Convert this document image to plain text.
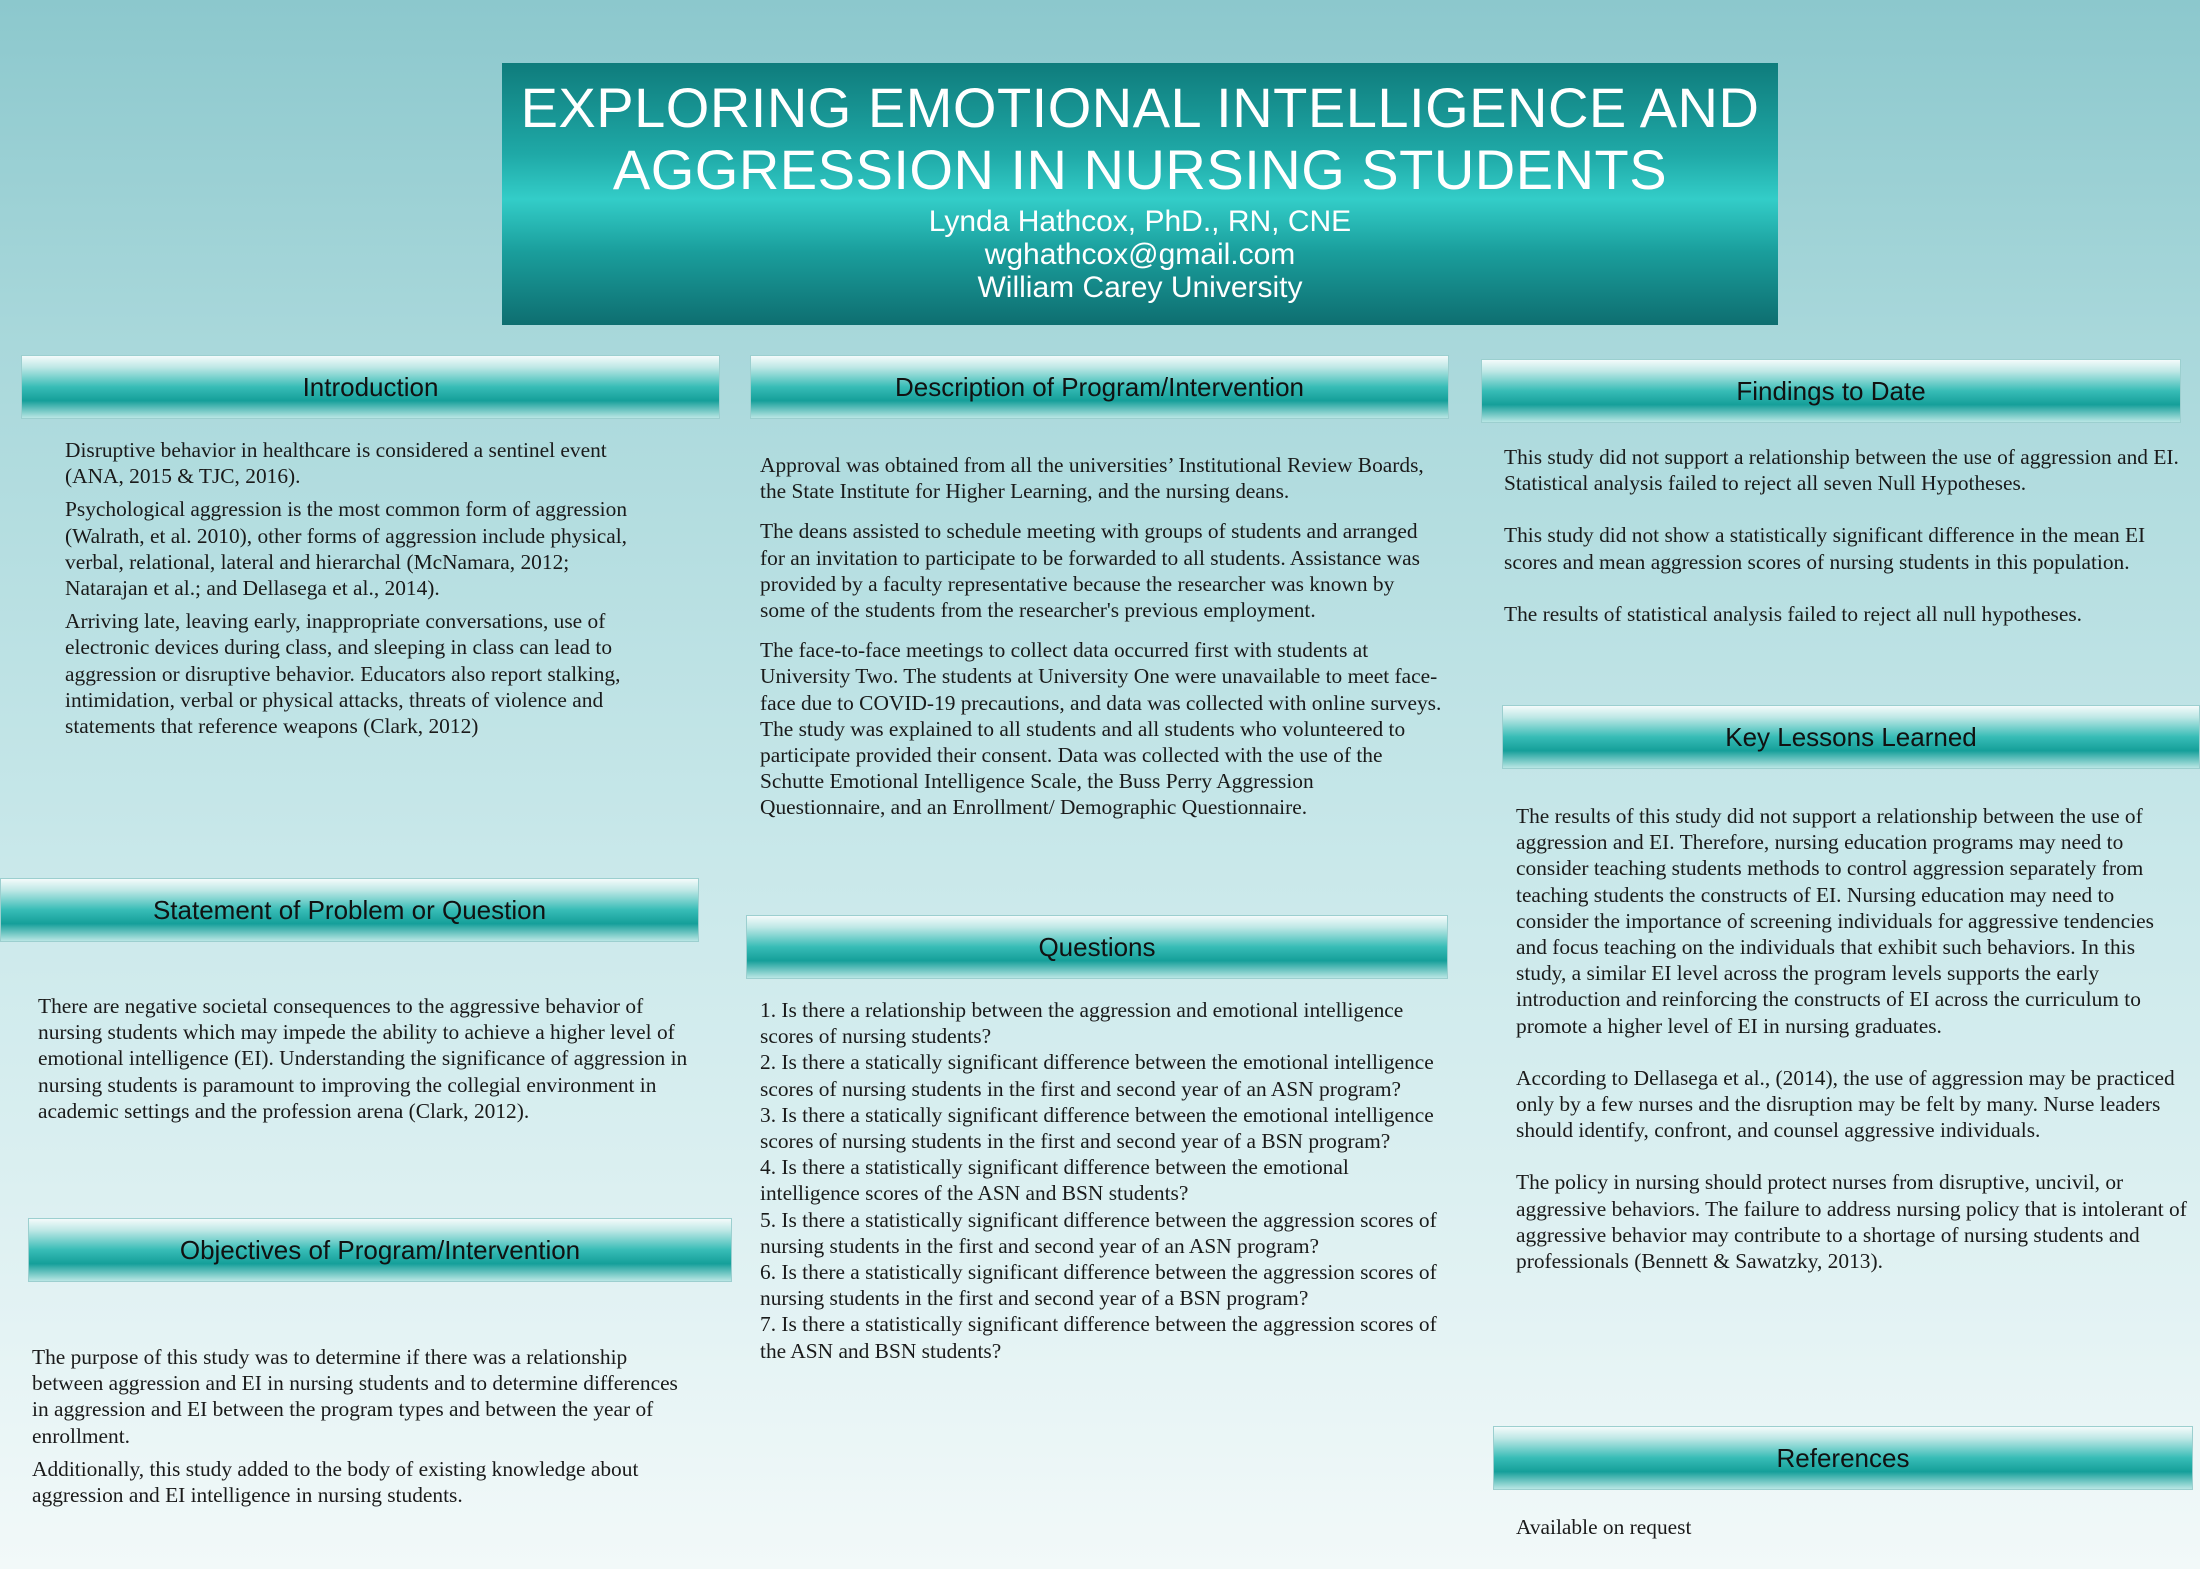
EXPLORING EMOTIONAL INTELLIGENCE AND
AGGRESSION IN NURSING STUDENTS
Lynda Hathcox, PhD., RN, CNE
wghathcox@gmail.com
William Carey University
Introduction

Disruptive behavior in healthcare is considered a sentinel event (ANA, 2015 & TJC, 2016).

Psychological aggression is the most common form of aggression (Walrath, et al. 2010), other forms of aggression include physical, verbal, relational, lateral and hierarchal (McNamara, 2012; Natarajan et al.; and Dellasega et al., 2014).

Arriving late, leaving early, inappropriate conversations, use of electronic devices during class, and sleeping in class can lead to aggression or disruptive behavior. Educators also report stalking, intimidation, verbal or physical attacks, threats of violence and statements that reference weapons (Clark, 2012)

Statement of Problem or Question

There are negative societal consequences to the aggressive behavior of nursing students which may impede the ability to achieve a higher level of emotional intelligence (EI). Understanding the significance of aggression in nursing students is paramount to improving the collegial environment in academic settings and the profession arena (Clark, 2012).

Objectives of Program/Intervention

The purpose of this study was to determine if there was a relationship between aggression and EI in nursing students and to determine differences in aggression and EI between the program types and between the year of enrollment.

Additionally, this study added to the body of existing knowledge about aggression and EI intelligence in nursing students.

Description of Program/Intervention

Approval was obtained from all the universities’ Institutional Review Boards, the State Institute for Higher Learning, and the nursing deans.

The deans assisted to schedule meeting with groups of students and arranged for an invitation to participate to be forwarded to all students. Assistance was provided by a faculty representative because the researcher was known by some of the students from the researcher's previous employment.

The face-to-face meetings to collect data occurred first with students at University Two. The students at University One were unavailable to meet face-face due to COVID-19 precautions, and data was collected with online surveys. The study was explained to all students and all students who volunteered to participate provided their consent. Data was collected with the use of the Schutte Emotional Intelligence Scale, the Buss Perry Aggression Questionnaire, and an Enrollment/ Demographic Questionnaire.

Questions
1. Is there a relationship between the aggression and emotional intelligence scores of nursing students?
2. Is there a statically significant difference between the emotional intelligence scores of nursing students in the first and second year of an ASN program?
3. Is there a statically significant difference between the emotional intelligence scores of nursing students in the first and second year of a BSN program?
4. Is there a statistically significant difference between the emotional intelligence scores of the ASN and BSN students?
5. Is there a statistically significant difference between the aggression scores of nursing students in the first and second year of an ASN program?
6. Is there a statistically significant difference between the aggression scores of nursing students in the first and second year of a BSN program?
7. Is there a statistically significant difference between the aggression scores of the ASN and BSN students?
Findings to Date

This study did not support a relationship between the use of aggression and EI. Statistical analysis failed to reject all seven Null Hypotheses.

This study did not show a statistically significant difference in the mean EI scores and mean aggression scores of nursing students in this population.

The results of statistical analysis failed to reject all null hypotheses.

Key Lessons Learned

The results of this study did not support a relationship between the use of aggression and EI. Therefore, nursing education programs may need to consider teaching students methods to control aggression separately from teaching students the constructs of EI. Nursing education may need to consider the importance of screening individuals for aggressive tendencies and focus teaching on the individuals that exhibit such behaviors. In this study, a similar EI level across the program levels supports the early introduction and reinforcing the constructs of EI across the curriculum to promote a higher level of EI in nursing graduates.

According to Dellasega et al., (2014), the use of aggression may be practiced only by a few nurses and the disruption may be felt by many. Nurse leaders should identify, confront, and counsel aggressive individuals.

The policy in nursing should protect nurses from disruptive, uncivil, or aggressive behaviors. The failure to address nursing policy that is intolerant of aggressive behavior may contribute to a shortage of nursing students and professionals (Bennett & Sawatzky, 2013).

References

Available on request
